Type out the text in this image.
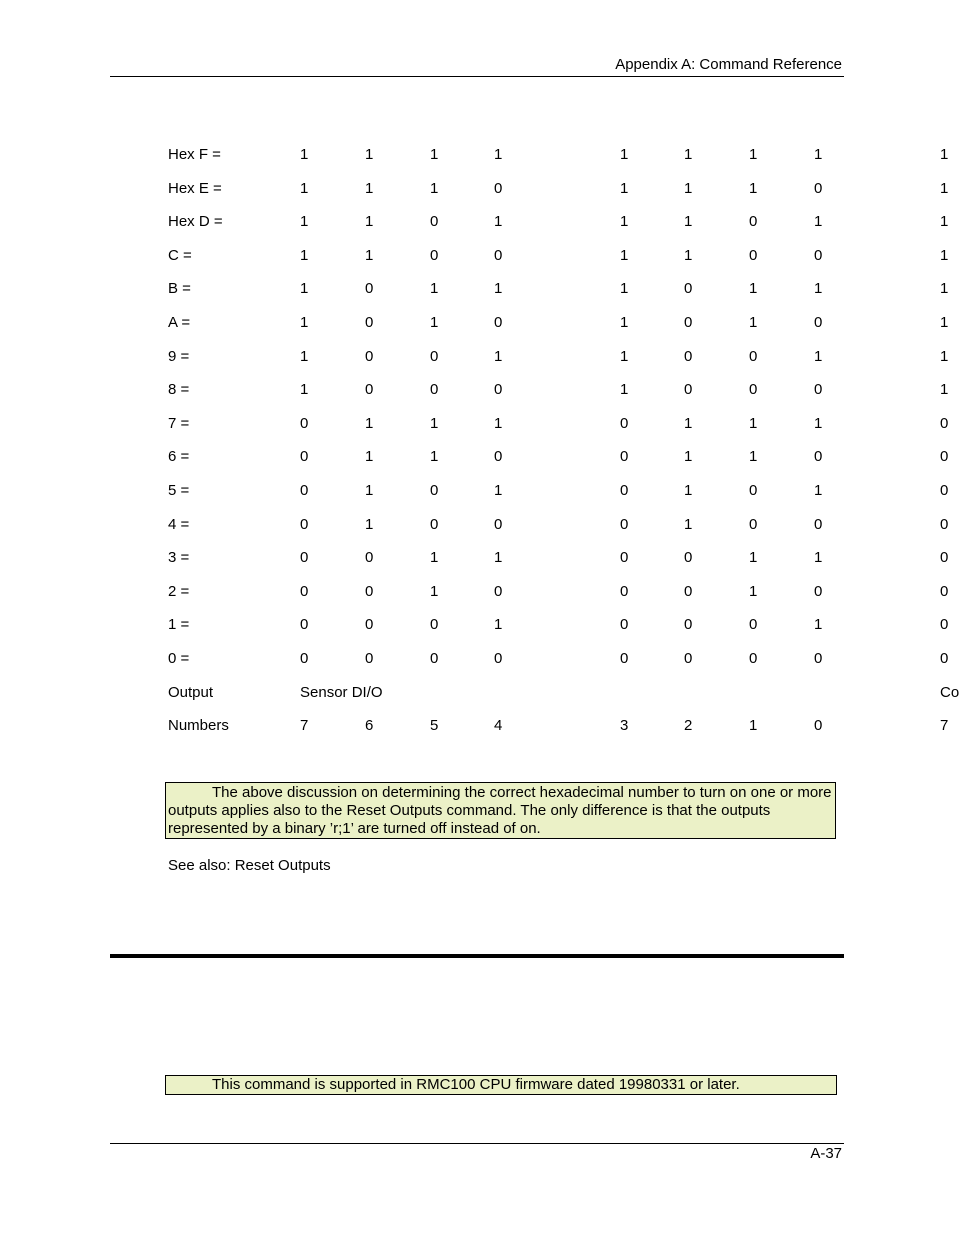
Appendix A: Command Reference
Hex F =	1	1	1	1	1	1	1	1	1
Hex E =	1	1	1	0	1	1	1	0	1
Hex D =	1	1	0	1	1	1	0	1	1
C =	1	1	0	0	1	1	0	0	1
B =	1	0	1	1	1	0	1	1	1
A =	1	0	1	0	1	0	1	0	1
9 =	1	0	0	1	1	0	0	1	1
8 =	1	0	0	0	1	0	0	0	1
7 =	0	1	1	1	0	1	1	1	0
6 =	0	1	1	0	0	1	1	0	0
5 =	0	1	0	1	0	1	0	1	0
4 =	0	1	0	0	0	1	0	0	0
3 =	0	0	1	1	0	0	1	1	0
2 =	0	0	1	0	0	0	1	0	0
1 =	0	0	0	1	0	0	0	1	0
0 =	0	0	0	0	0	0	0	0	0
Output	Sensor DI/O	Co
Numbers	7	6	5	4	3	2	1	0	7
The above discussion on determining the correct hexadecimal number to turn on one or more outputs applies also to the Reset Outputs command. The only difference is that the outputs represented by a binary ’r;1’ are turned off instead of on.
See also: Reset Outputs
This command is supported in RMC100 CPU firmware dated 19980331 or later.
A-37
